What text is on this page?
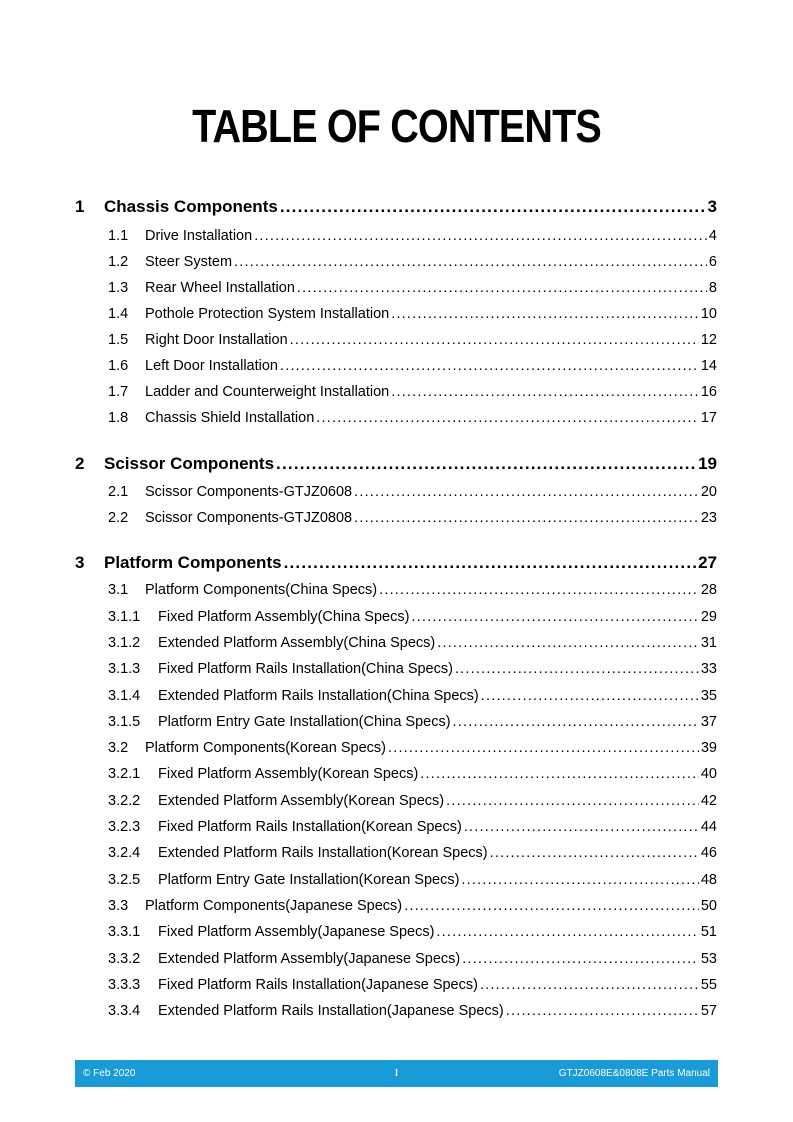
TABLE OF CONTENTS
1 Chassis Components .....	3
1.1 Drive Installation .....	4
1.2 Steer System .....	6
1.3 Rear Wheel Installation .....	8
1.4 Pothole Protection System Installation .....	10
1.5 Right Door Installation .....	12
1.6 Left Door Installation .....	14
1.7 Ladder and Counterweight Installation .....	16
1.8 Chassis Shield Installation .....	17
2 Scissor Components .....	19
2.1 Scissor Components-GTJZ0608 .....	20
2.2 Scissor Components-GTJZ0808 .....	23
3 Platform Components .....	27
3.1 Platform Components(China Specs) .....	28
3.1.1 Fixed Platform Assembly(China Specs) .....	29
3.1.2 Extended Platform Assembly(China Specs) .....	31
3.1.3 Fixed Platform Rails Installation(China Specs) .....	33
3.1.4 Extended Platform Rails Installation(China Specs) .....	35
3.1.5 Platform Entry Gate Installation(China Specs) .....	37
3.2 Platform Components(Korean Specs) .....	39
3.2.1 Fixed Platform Assembly(Korean Specs) .....	40
3.2.2 Extended Platform Assembly(Korean Specs) .....	42
3.2.3 Fixed Platform Rails Installation(Korean Specs) .....	44
3.2.4 Extended Platform Rails Installation(Korean Specs) .....	46
3.2.5 Platform Entry Gate Installation(Korean Specs) .....	48
3.3 Platform Components(Japanese Specs) .....	50
3.3.1 Fixed Platform Assembly(Japanese Specs) .....	51
3.3.2 Extended Platform Assembly(Japanese Specs) .....	53
3.3.3 Fixed Platform Rails Installation(Japanese Specs) .....	55
3.3.4 Extended Platform Rails Installation(Japanese Specs) .....	57
© Feb 2020	I	GTJZ0608E&0808E Parts Manual
